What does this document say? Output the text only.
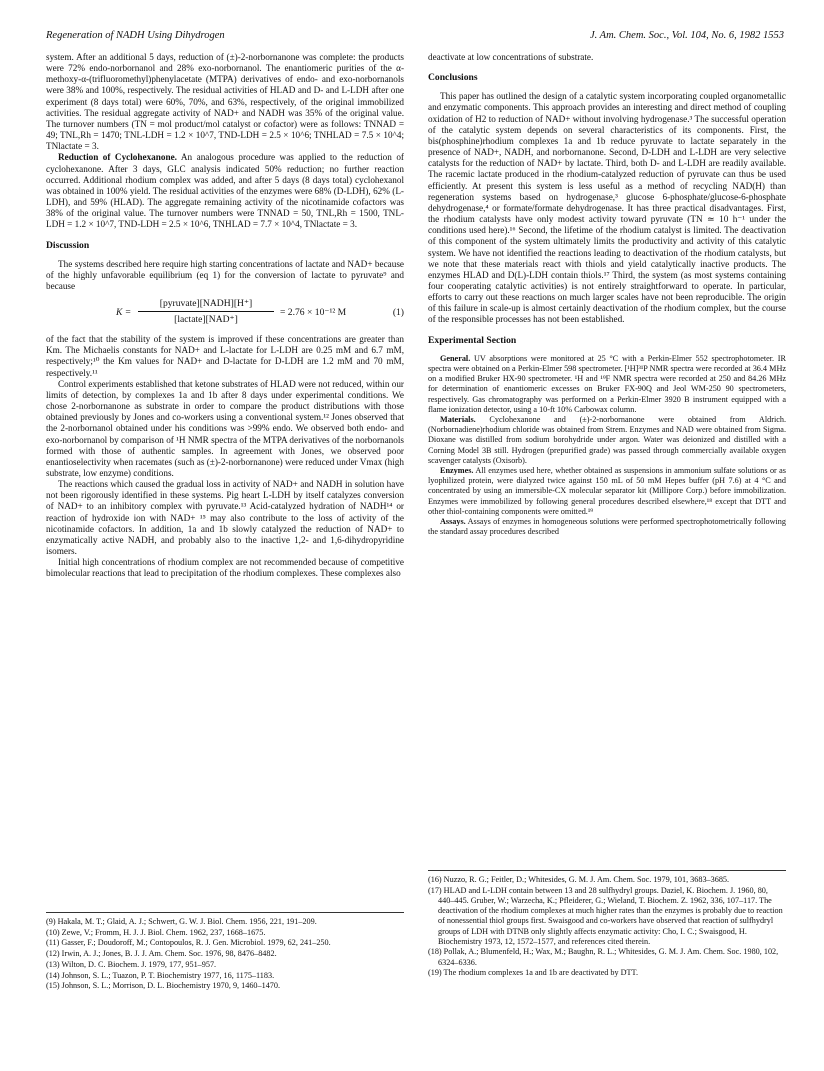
Regeneration of NADH Using Dihydrogen	J. Am. Chem. Soc., Vol. 104, No. 6, 1982 1553

system. After an additional 5 days, reduction of (±)-2-norbornanone was complete: the products were 72% endo-norbornanol and 28% exo-norbornanol. The enantiomeric purities of the α-methoxy-α-(trifluoromethyl)phenylacetate (MTPA) derivatives of endo- and exo-norbornanols were 38% and 100%, respectively. The residual activities of HLAD and D- and L-LDH after one experiment (8 days total) were 60%, 70%, and 63%, respectively, of the original immobilized activities. The residual aggregate activity of NAD+ and NADH was 35% of the original value. The turnover numbers (TN = mol product/mol catalyst or cofactor) were as follows: TNNAD = 49; TNL,Rh = 1470; TNL-LDH = 1.2 × 10^7, TND-LDH = 2.5 × 10^6; TNHLAD = 7.5 × 10^4; TNlactate = 3.

Reduction of Cyclohexanone. An analogous procedure was applied to the reduction of cyclohexanone. After 3 days, GLC analysis indicated 50% reduction; no further reaction occurred. Additional rhodium complex was added, and after 5 days (8 days total) cyclohexanol was obtained in 100% yield. The residual activities of the enzymes were 68% (D-LDH), 62% (L-LDH), and 59% (HLAD). The aggregate remaining activity of the nicotinamide cofactors was 38% of the original value. The turnover numbers were TNNAD = 50, TNL,Rh = 1500, TNL-LDH = 1.2 × 10^7, TND-LDH = 2.5 × 10^6, TNHLAD = 7.7 × 10^4, TNlactate = 3.

Discussion

The systems described here require high starting concentrations of lactate and NAD+ because of the highly unfavorable equilibrium (eq 1) for the conversion of lactate to pyruvate⁹ and because

K =
[pyruvate][NADH][H⁺]
[lactate][NAD⁺]
= 2.76 × 10⁻¹² M	(1)

of the fact that the stability of the system is improved if these concentrations are greater than Km. The Michaelis constants for NAD+ and L-lactate for L-LDH are 0.25 mM and 6.7 mM, respectively;¹⁰ the Km values for NAD+ and D-lactate for D-LDH are 1.2 mM and 70 mM, respectively.¹¹

Control experiments established that ketone substrates of HLAD were not reduced, within our limits of detection, by complexes 1a and 1b after 8 days under experimental conditions. We chose 2-norbornanone as substrate in order to compare the product distributions with those obtained previously by Jones and co-workers using a conventional system.¹² Jones observed that the 2-norbornanol obtained under his conditions was >99% endo. We observed both endo- and exo-norbornanol by comparison of ¹H NMR spectra of the MTPA derivatives of the norbornanols formed with those of authentic samples. In agreement with Jones, we observed poor enantioselectivity when racemates (such as (±)-2-norbornanone) were reduced under Vmax (high substrate, low enzyme) conditions.

The reactions which caused the gradual loss in activity of NAD+ and NADH in solution have not been rigorously identified in these systems. Pig heart L-LDH by itself catalyzes conversion of NAD+ to an inhibitory complex with pyruvate.¹³ Acid-catalyzed hydration of NADH¹⁴ or reaction of hydroxide ion with NAD+ ¹⁵ may also contribute to the loss of activity of the nicotinamide cofactors. In addition, 1a and 1b slowly catalyzed the reduction of NAD+ to enzymatically active NADH, and probably also to the inactive 1,2- and 1,6-dihydropyridine isomers.

Initial high concentrations of rhodium complex are not recommended because of competitive bimolecular reactions that lead to precipitation of the rhodium complexes. These complexes also

(9) Hakala, M. T.; Glaid, A. J.; Schwert, G. W. J. Biol. Chem. 1956, 221, 191–209.
(10) Zewe, V.; Fromm, H. J. J. Biol. Chem. 1962, 237, 1668–1675.
(11) Gasser, F.; Doudoroff, M.; Contopoulos, R. J. Gen. Microbiol. 1979, 62, 241–250.
(12) Irwin, A. J.; Jones, B. J. J. Am. Chem. Soc. 1976, 98, 8476–8482.
(13) Wilton, D. C. Biochem. J. 1979, 177, 951–957.
(14) Johnson, S. L.; Tuazon, P. T. Biochemistry 1977, 16, 1175–1183.
(15) Johnson, S. L.; Morrison, D. L. Biochemistry 1970, 9, 1460–1470.

deactivate at low concentrations of substrate.

Conclusions

This paper has outlined the design of a catalytic system incorporating coupled organometallic and enzymatic components. This approach provides an interesting and direct method of coupling oxidation of H2 to reduction of NAD+ without involving hydrogenase.³ The successful operation of the catalytic system depends on several characteristics of its components. First, the bis(phosphine)rhodium complexes 1a and 1b reduce pyruvate to lactate separately in the presence of NAD+, NADH, and norbornanone. Second, D-LDH and L-LDH are very selective catalysts for the reduction of NAD+ by lactate. Third, both D- and L-LDH are readily available. The racemic lactate produced in the rhodium-catalyzed reduction of pyruvate can thus be used efficiently. At present this system is less useful as a method of recycling NAD(H) than regeneration systems based on hydrogenase,³ glucose 6-phosphate/glucose-6-phosphate dehydrogenase,⁴ or formate/formate dehydrogenase. It has three practical disadvantages. First, the rhodium catalysts have only modest activity toward pyruvate (TN ≃ 10 h⁻¹ under the conditions used here).¹⁶ Second, the lifetime of the rhodium catalyst is limited. The deactivation of this component of the system ultimately limits the productivity and activity of this catalytic system. We have not identified the reactions leading to deactivation of the rhodium catalysts, but we note that these materials react with thiols and yield catalytically inactive products. The enzymes HLAD and D(L)-LDH contain thiols.¹⁷ Third, the system (as most systems containing four cooperating catalytic activities) is not entirely straightforward to operate. In particular, efforts to carry out these reactions on much larger scales have not been reproducible. The origin of this failure in scale-up is almost certainly deactivation of the rhodium complex, but the course of the responsible processes has not been established.

Experimental Section

General. UV absorptions were monitored at 25 °C with a Perkin-Elmer 552 spectrophotometer. IR spectra were obtained on a Perkin-Elmer 598 spectrometer. [¹H]³¹P NMR spectra were recorded at 36.4 MHz on a modified Bruker HX-90 spectrometer. ¹H and ¹⁹F NMR spectra were recorded at 250 and 84.26 MHz for determination of enantiomeric excesses on Bruker FX-90Q and Jeol WM-250 90 spectrometers, respectively. Gas chromatography was performed on a Perkin-Elmer 3920 B instrument equipped with a flame ionization detector, using a 10-ft 10% Carbowax column.

Materials. Cyclohexanone and (±)-2-norbornanone were obtained from Aldrich. (Norbornadiene)rhodium chloride was obtained from Strem. Enzymes and NAD were obtained from Sigma. Dioxane was distilled from sodium borohydride under argon. Water was deionized and distilled with a Corning Model 3B still. Hydrogen (prepurified grade) was passed through commercially available oxygen scavenger catalysts (Oxisorb).

Enzymes. All enzymes used here, whether obtained as suspensions in ammonium sulfate solutions or as lyophilized protein, were dialyzed twice against 150 mL of 50 mM Hepes buffer (pH 7.6) at 4 °C and concentrated by using an immersible-CX molecular separator kit (Millipore Corp.) before immobilization. Enzymes were immobilized by following general procedures described elsewhere,¹⁸ except that DTT and other thiol-containing components were omitted.¹⁹

Assays. Assays of enzymes in homogeneous solutions were performed spectrophotometrically following the standard assay procedures described

(16) Nuzzo, R. G.; Feitler, D.; Whitesides, G. M. J. Am. Chem. Soc. 1979, 101, 3683–3685.
(17) HLAD and L-LDH contain between 13 and 28 sulfhydryl groups. Daziel, K. Biochem. J. 1960, 80, 440–445. Gruber, W.; Warzecha, K.; Pfleiderer, G.; Wieland, T. Biochem. Z. 1962, 336, 107–117. The deactivation of the rhodium complexes at much higher rates than the enzymes is probably due to reaction of nonessential thiol groups first. Swaisgood and co-workers have observed that reaction of sulfhydryl groups of LDH with DTNB only slightly affects enzymatic activity: Cho, I. C.; Swaisgood, H. Biochemistry 1973, 12, 1572–1577, and references cited therein.
(18) Pollak, A.; Blumenfeld, H.; Wax, M.; Baughn, R. L.; Whitesides, G. M. J. Am. Chem. Soc. 1980, 102, 6324–6336.
(19) The rhodium complexes 1a and 1b are deactivated by DTT.
